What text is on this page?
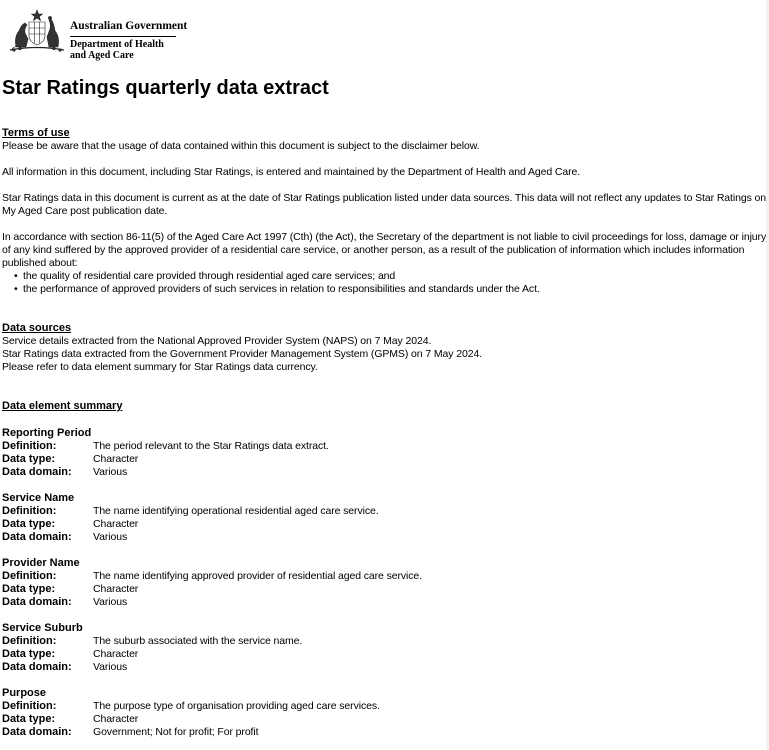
Australian Government
Department of Health
and Aged Care
Star Ratings quarterly data extract
Terms of use
Please be aware that the usage of data contained within this document is subject to the disclaimer below.
All information in this document, including Star Ratings, is entered and maintained by the Department of Health and Aged Care.
Star Ratings data in this document is current as at the date of Star Ratings publication listed under data sources. This data will not reflect any updates to Star Ratings on My Aged Care post publication date.
In accordance with section 86-11(5) of the Aged Care Act 1997 (Cth) (the Act), the Secretary of the department is not liable to civil proceedings for loss, damage or injury of any kind suffered by the approved provider of a residential care service, or another person, as a result of the publication of information which includes information published about:
• the quality of residential care provided through residential aged care services; and
• the performance of approved providers of such services in relation to responsibilities and standards under the Act.
Data sources
Service details extracted from the National Approved Provider System (NAPS) on 7 May 2024.
Star Ratings data extracted from the Government Provider Management System (GPMS) on 7 May 2024.
Please refer to data element summary for Star Ratings data currency.
Data element summary
Reporting Period
Definition:	The period relevant to the Star Ratings data extract.
Data type:	Character
Data domain: Various
Service Name
Definition:	The name identifying operational residential aged care service.
Data type:	Character
Data domain: Various
Provider Name
Definition:	The name identifying approved provider of residential aged care service.
Data type:	Character
Data domain: Various
Service Suburb
Definition:	The suburb associated with the service name.
Data type:	Character
Data domain: Various
Purpose
Definition:	The purpose type of organisation providing aged care services.
Data type:	Character
Data domain: Government; Not for profit; For profit
